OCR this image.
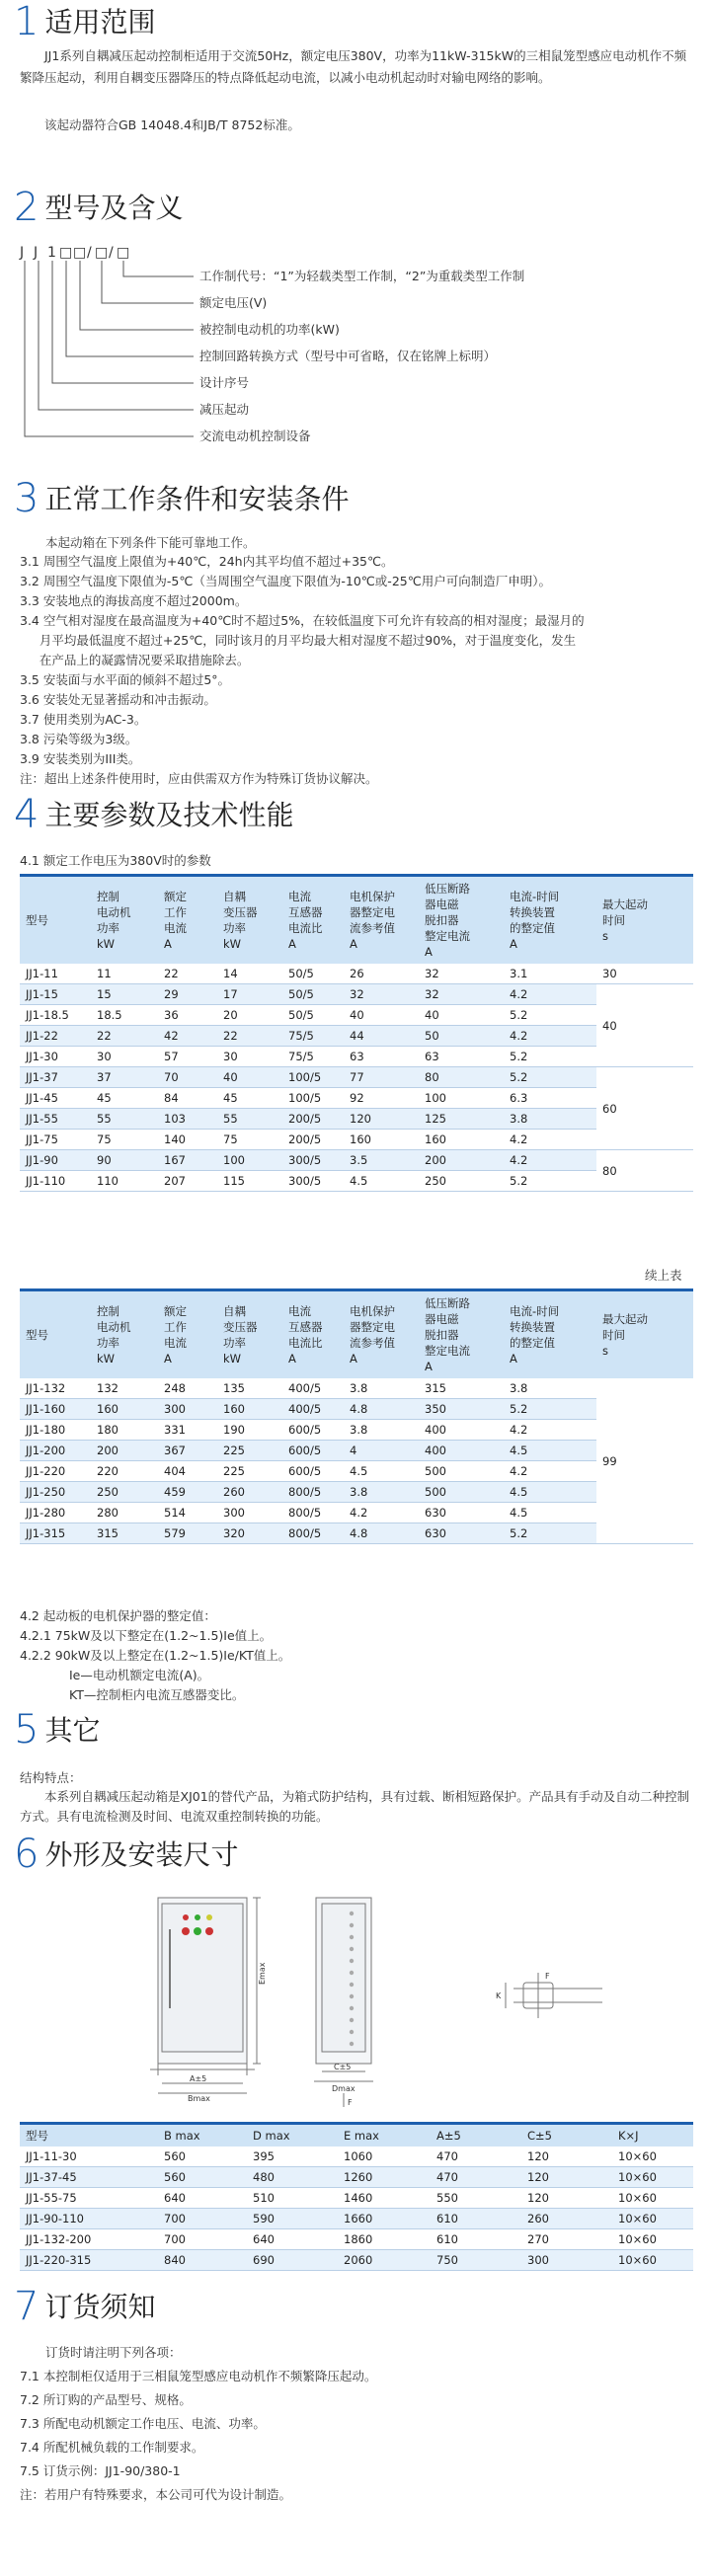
1 适用范围
JJ1系列自耦减压起动控制柜适用于交流50Hz，额定电压380V，功率为11kW-315kW的三相鼠笼型感应电动机作不频繁降压起动，利用自耦变压器降压的特点降低起动电流，以减小电动机起动时对输电网络的影响。
该起动器符合GB 14048.4和JB/T 8752标准。
2 型号及含义
J J 1 □ □ / □ / □
工作制代号：“1”为轻载类型工作制，“2”为重载类型工作制
额定电压(V)
被控制电动机的功率(kW)
控制回路转换方式（型号中可省略，仅在铭牌上标明）
设计序号
减压起动
交流电动机控制设备
3 正常工作条件和安装条件
本起动箱在下列条件下能可靠地工作。
3.1 周围空气温度上限值为+40℃，24h内其平均值不超过+35℃。
3.2 周围空气温度下限值为-5℃（当周围空气温度下限值为-10℃或-25℃用户可向制造厂申明）。
3.3 安装地点的海拔高度不超过2000m。
3.4 空气相对湿度在最高温度为+40℃时不超过5%，在较低温度下可允许有较高的相对湿度；最湿月的
月平均最低温度不超过+25℃，同时该月的月平均最大相对湿度不超过90%，对于温度变化，发生
在产品上的凝露情况要采取措施除去。
3.5 安装面与水平面的倾斜不超过5°。
3.6 安装处无显著摇动和冲击振动。
3.7 使用类别为AC-3。
3.8 污染等级为3级。
3.9 安装类别为III类。
注：超出上述条件使用时，应由供需双方作为特殊订货协议解决。
4 主要参数及技术性能
4.1 额定工作电压为380V时的参数
型号	控制
电动机
功率
kW	额定
工作
电流
A	自耦
变压器
功率
kW	电流
互感器
电流比
A	电机保护
器整定电
流参考值
A	低压断路
器电磁
脱扣器
整定电流
A	电流-时间
转换装置
的整定值
A	最大起动
时间
s
JJ1-11	11	22	14	50/5	26	32	3.1	30
JJ1-15	15	29	17	50/5	32	32	4.2	40
JJ1-18.5	18.5	36	20	50/5	40	40	5.2	
JJ1-22	22	42	22	75/5	44	50	4.2	
JJ1-30	30	57	30	75/5	63	63	5.2	
JJ1-37	37	70	40	100/5	77	80	5.2	60
JJ1-45	45	84	45	100/5	92	100	6.3	
JJ1-55	55	103	55	200/5	120	125	3.8	
JJ1-75	75	140	75	200/5	160	160	4.2	
JJ1-90	90	167	100	300/5	3.5	200	4.2	80
JJ1-110	110	207	115	300/5	4.5	250	5.2	
续上表
型号	控制
电动机
功率
kW	额定
工作
电流
A	自耦
变压器
功率
kW	电流
互感器
电流比
A	电机保护
器整定电
流参考值
A	低压断路
器电磁
脱扣器
整定电流
A	电流-时间
转换装置
的整定值
A	最大起动
时间
s
JJ1-132	132	248	135	400/5	3.8	315	3.8	99
JJ1-160	160	300	160	400/5	4.8	350	5.2	
JJ1-180	180	331	190	600/5	3.8	400	4.2	
JJ1-200	200	367	225	600/5	4	400	4.5	
JJ1-220	220	404	225	600/5	4.5	500	4.2	
JJ1-250	250	459	260	800/5	3.8	500	4.5	
JJ1-280	280	514	300	800/5	4.2	630	4.5	
JJ1-315	315	579	320	800/5	4.8	630	5.2	
4.2 起动板的电机保护器的整定值：
4.2.1 75kW及以下整定在(1.2~1.5)Ie值上。
4.2.2 90kW及以上整定在(1.2~1.5)Ie/KT值上。
Ie—电动机额定电流(A)。
KT—控制柜内电流互感器变比。
5 其它
结构特点：
本系列自耦减压起动箱是XJ01的替代产品，为箱式防护结构，具有过载、断相短路保护。产品具有手动及自动二种控制方式。具有电流检测及时间、电流双重控制转换的功能。
6 外形及安装尺寸
A±5
Bmax
Emax
C±5
Dmax
F
K
F
型号	B max	D max	E max	A±5	C±5	K×J
JJ1-11-30	560	395	1060	470	120	10×60
JJ1-37-45	560	480	1260	470	120	10×60
JJ1-55-75	640	510	1460	550	120	10×60
JJ1-90-110	700	590	1660	610	260	10×60
JJ1-132-200	700	640	1860	610	270	10×60
JJ1-220-315	840	690	2060	750	300	10×60
7 订货须知
订货时请注明下列各项：
7.1 本控制柜仅适用于三相鼠笼型感应电动机作不频繁降压起动。
7.2 所订购的产品型号、规格。
7.3 所配电动机额定工作电压、电流、功率。
7.4 所配机械负载的工作制要求。
7.5 订货示例：JJ1-90/380-1
注：若用户有特殊要求，本公司可代为设计制造。
